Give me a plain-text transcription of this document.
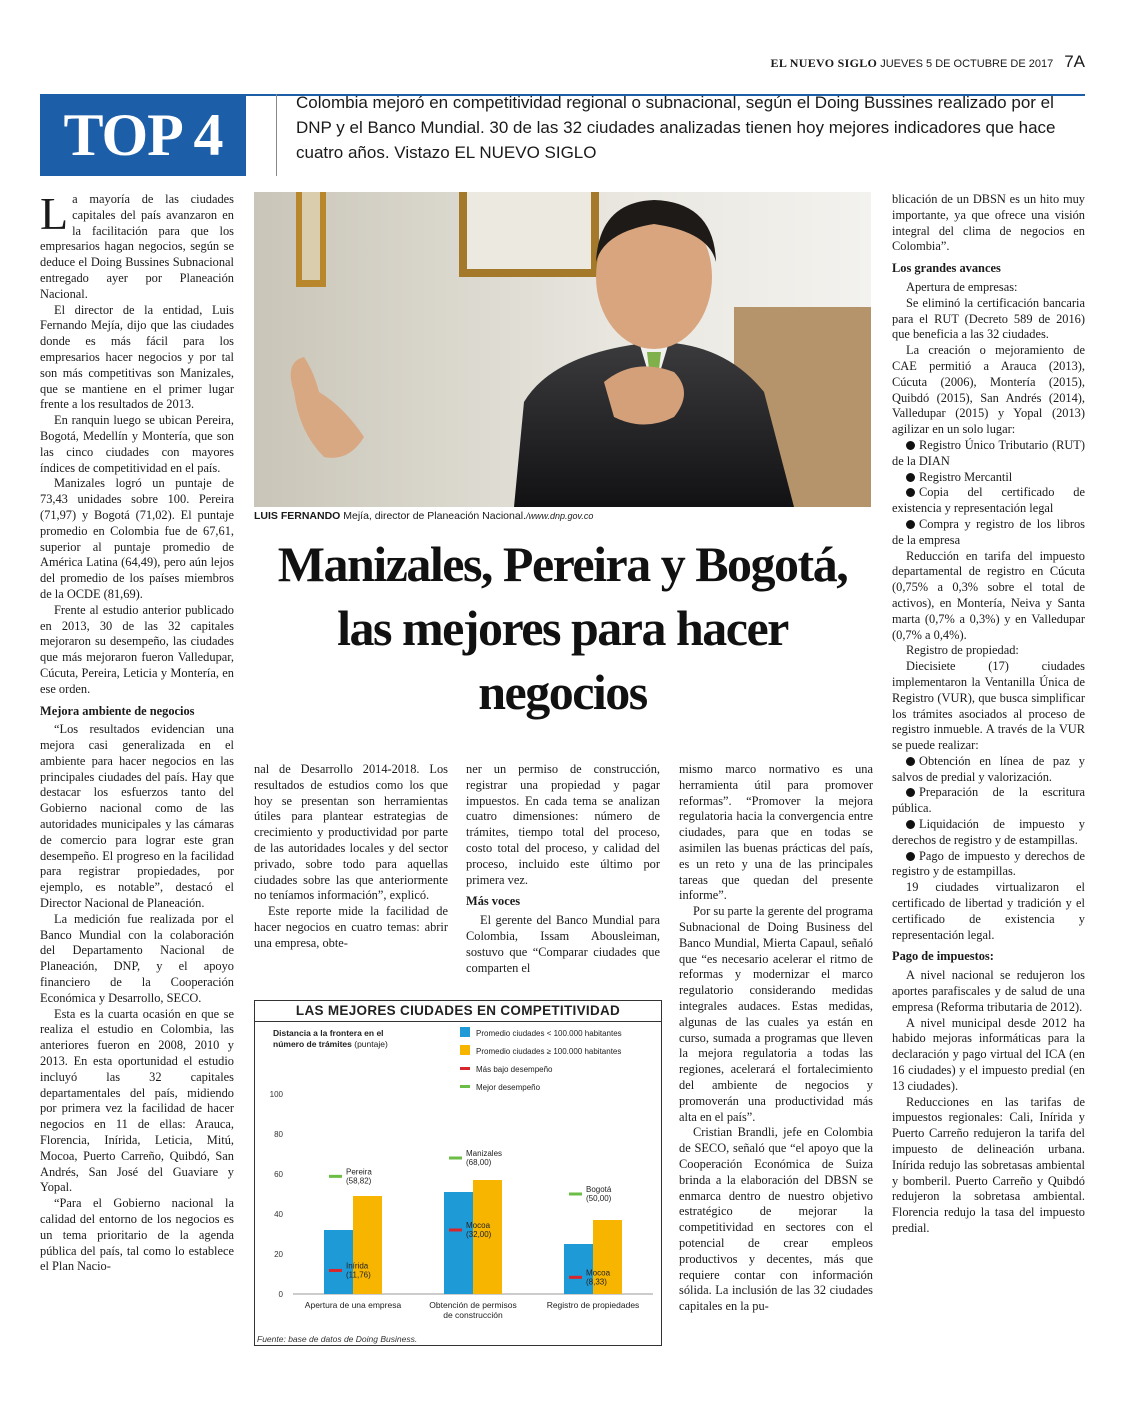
EL NUEVO SIGLO JUEVES 5 DE OCTUBRE DE 2017 7A
TOP 4	Colombia mejoró en competitividad regional o subnacional, según el Doing Bussines realizado por el DNP y el Banco Mundial. 30 de las 32 ciudades analizadas tienen hoy mejores indicadores que hace cuatro años. Vistazo EL NUEVO SIGLO

La mayoría de las ciudades capitales del país avanzaron en la facilitación para que los empresarios hagan negocios, según se deduce el Doing Bussines Subnacional entregado ayer por Planeación Nacional.

El director de la entidad, Luis Fernando Mejía, dijo que las ciudades donde es más fácil para los empresarios hacer negocios y por tal son más competitivas son Manizales, que se mantiene en el primer lugar frente a los resultados de 2013.

En ranquin luego se ubican Pereira, Bogotá, Medellín y Montería, que son las cinco ciudades con mayores índices de competitividad en el país.

Manizales logró un puntaje de 73,43 unidades sobre 100. Pereira (71,97) y Bogotá (71,02). El puntaje promedio en Colombia fue de 67,61, superior al puntaje promedio de América Latina (64,49), pero aún lejos del promedio de los países miembros de la OCDE (81,69).

Frente al estudio anterior publicado en 2013, 30 de las 32 capitales mejoraron su desempeño, las ciudades que más mejoraron fueron Valledupar, Cúcuta, Pereira, Leticia y Montería, en ese orden.

Mejora ambiente de negocios

“Los resultados evidencian una mejora casi generalizada en el ambiente para hacer negocios en las principales ciudades del país. Hay que destacar los esfuerzos tanto del Gobierno nacional como de las autoridades municipales y las cámaras de comercio para lograr este gran desempeño. El progreso en la facilidad para registrar propiedades, por ejemplo, es notable”, destacó el Director Nacional de Planeación.

La medición fue realizada por el Banco Mundial con la colaboración del Departamento Nacional de Planeación, DNP, y el apoyo financiero de la Cooperación Económica y Desarrollo, SECO.

Esta es la cuarta ocasión en que se realiza el estudio en Colombia, las anteriores fueron en 2008, 2010 y 2013. En esta oportunidad el estudio incluyó las 32 capitales departamentales del país, midiendo por primera vez la facilidad de hacer negocios en 11 de ellas: Arauca, Florencia, Inírida, Leticia, Mitú, Mocoa, Puerto Carreño, Quibdó, San Andrés, San José del Guaviare y Yopal.

“Para el Gobierno nacional la calidad del entorno de los negocios es un tema prioritario de la agenda pública del país, tal como lo establece el Plan Nacio-

LUIS FERNANDO Mejía, director de Planeación Nacional./www.dnp.gov.co
Manizales, Pereira y Bogotá, las mejores para hacer negocios

nal de Desarrollo 2014-2018. Los resultados de estudios como los que hoy se presentan son herramientas útiles para plantear estrategias de crecimiento y productividad por parte de las autoridades locales y del sector privado, sobre todo para aquellas ciudades sobre las que anteriormente no teníamos información”, explicó.

Este reporte mide la facilidad de hacer negocios en cuatro temas: abrir una empresa, obte-

ner un permiso de construcción, registrar una propiedad y pagar impuestos. En cada tema se analizan cuatro dimensiones: número de trámites, tiempo total del proceso, costo total del proceso, y calidad del proceso, incluido este último por primera vez.

Más voces

El gerente del Banco Mundial para Colombia, Issam Abousleiman, sostuvo que “Comparar ciudades que comparten el

mismo marco normativo es una herramienta útil para promover reformas”. “Promover la mejora regulatoria hacia la convergencia entre ciudades, para que en todas se asimilen las buenas prácticas del país, es un reto y una de las principales tareas que quedan del presente informe”.

Por su parte la gerente del programa Subnacional de Doing Business del Banco Mundial, Mierta Capaul, señaló que “es necesario acelerar el ritmo de reformas y modernizar el marco regulatorio considerando medidas integrales audaces. Estas medidas, algunas de las cuales ya están en curso, sumada a programas que lleven la mejora regulatoria a todas las regiones, acelerará el fortalecimiento del ambiente de negocios y promoverán una productividad más alta en el país”.

Cristian Brandli, jefe en Colombia de SECO, señaló que “el apoyo que la Cooperación Económica de Suiza brinda a la elaboración del DBSN se enmarca dentro de nuestro objetivo estratégico de mejorar la competitividad en sectores con el potencial de crear empleos productivos y decentes, más que requiere contar con información sólida. La inclusión de las 32 ciudades capitales en la pu-

blicación de un DBSN es un hito muy importante, ya que ofrece una visión integral del clima de negocios en Colombia”.

Los grandes avances

Apertura de empresas:

Se eliminó la certificación bancaria para el RUT (Decreto 589 de 2016) que beneficia a las 32 ciudades.

La creación o mejoramiento de CAE permitió a Arauca (2013), Cúcuta (2006), Montería (2015), Quibdó (2015), San Andrés (2014), Valledupar (2015) y Yopal (2013) agilizar en un solo lugar:

Registro Único Tributario (RUT) de la DIAN

Registro Mercantil

Copia del certificado de existencia y representación legal

Compra y registro de los libros de la empresa

Reducción en tarifa del impuesto departamental de registro en Cúcuta (0,75% a 0,3% sobre el total de activos), en Montería, Neiva y Santa marta (0,7% a 0,3%) y en Valledupar (0,7% a 0,4%).

Registro de propiedad:

Diecisiete (17) ciudades implementaron la Ventanilla Única de Registro (VUR), que busca simplificar los trámites asociados al proceso de registro inmueble. A través de la VUR se puede realizar:

Obtención en línea de paz y salvos de predial y valorización.

Preparación de la escritura pública.

Liquidación de impuesto y derechos de registro y de estampillas.

Pago de impuesto y derechos de registro y de estampillas.

19 ciudades virtualizaron el certificado de libertad y tradición y el certificado de existencia y representación legal.

Pago de impuestos:

A nivel nacional se redujeron los aportes parafiscales y de salud de una empresa (Reforma tributaria de 2012).

A nivel municipal desde 2012 ha habido mejoras informáticas para la declaración y pago virtual del ICA (en 16 ciudades) y el impuesto predial (en 13 ciudades).

Reducciones en las tarifas de impuestos regionales: Cali, Inírida y Puerto Carreño redujeron la tarifa del impuesto de delineación urbana. Inírida redujo las sobretasas ambiental y bomberil. Puerto Carreño y Quibdó redujeron la sobretasa ambiental. Florencia redujo la tasa del impuesto predial.

LAS MEJORES CIUDADES EN COMPETITIVIDAD
Distancia a la frontera en el
número de trámites (puntaje)
0
20
40
60
80
100
Promedio ciudades < 100.000 habitantes
Promedio ciudades ≥ 100.000 habitantes
Más bajo desempeño
Mejor desempeño
Apertura de una empresa
Inírida
(11,76)
Pereira
(58,82)
Obtención de permisos
de construcción
Mocoa
(32,00)
Manizales
(68,00)
Registro de propiedades
Mocoa
(8,33)
Bogotá
(50,00)
Fuente: base de datos de Doing Business.
